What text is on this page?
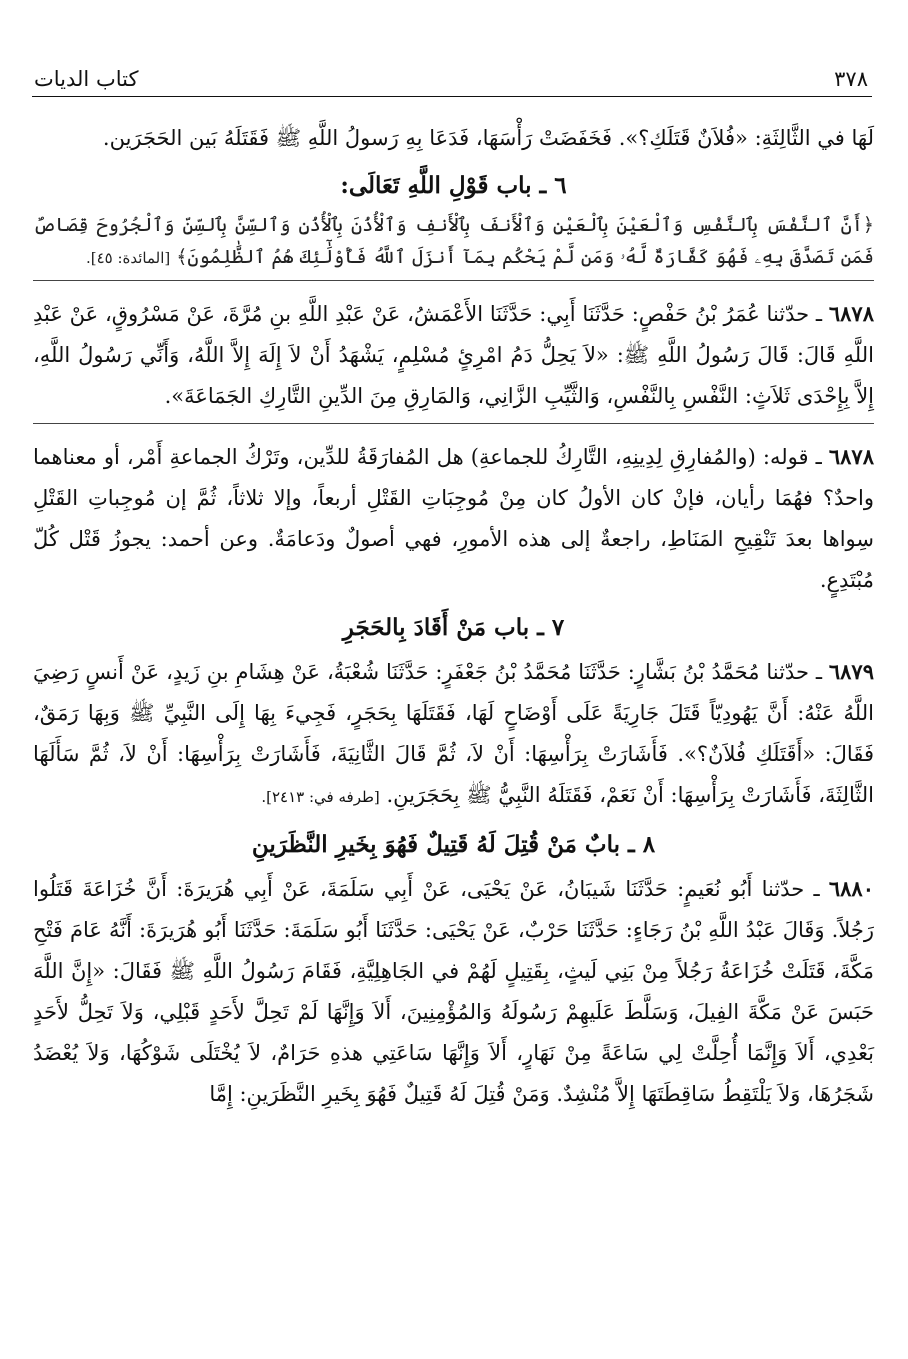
٣٧٨
كتاب الديات

لَهَا في الثَّالِثَةِ: «فُلاَنٌ قَتَلَكِ؟». فَخَفَضَتْ رَأْسَهَا، فَدَعَا بِهِ رَسولُ اللَّهِ ﷺ فَقَتَلَهُ بَين الحَجَرَين.

٦ ـ باب قَوْلِ اللَّهِ تَعَالَى:

﴿أَنَّ ٱلنَّفْسَ بِٱلنَّفْسِ وَٱلْعَيْنَ بِٱلْعَيْنِ وَٱلْأَنفَ بِٱلْأَنفِ وَٱلْأُذُنَ بِٱلْأُذُنِ وَٱلسِّنَّ بِٱلسِّنِّ وَٱلْجُرُوحَ قِصَاصٌ فَمَن تَصَدَّقَ بِهِۦ فَهُوَ كَفَّارَةٌ لَّهُۥ وَمَن لَّمْ يَحْكُم بِمَآ أَنزَلَ ٱللَّهُ فَأُوْلَٰٓئِكَ هُمُ ٱلظَّٰلِمُونَ﴾ [المائدة: ٤٥].

٦٨٧٨ ـ حدّثنا عُمَرُ بْنُ حَفْصٍ: حَدَّثَنَا أَبِي: حَدَّثَنَا الأَعْمَشُ، عَنْ عَبْدِ اللَّهِ بنِ مُرَّةَ، عَنْ مَسْرُوقٍ، عَنْ عَبْدِ اللَّهِ قَالَ: قَالَ رَسُولُ اللَّهِ ﷺ: «لاَ يَحِلُّ دَمُ امْرِئٍ مُسْلِمٍ، يَشْهَدُ أَنْ لاَ إِلَهَ إِلاَّ اللَّهُ، وَأَنِّي رَسُولُ اللَّهِ، إِلاَّ بِإِحْدَى ثَلاَثٍ: النَّفْسِ بِالنَّفْسِ، وَالثَّيِّبِ الزَّانِي، وَالمَارِقِ مِنَ الدِّينِ التَّارِكِ الجَمَاعَةَ».

٦٨٧٨ ـ قوله: (والمُفارِقِ لِدِينِهِ، التَّارِكُ للجماعةِ) هل المُفارَقَةُ للدِّين، وتَرْكُ الجماعةِ أَمْر، أو معناهما واحدٌ؟ فهُمَا رأيان، فإنْ كان الأولُ كان مِنْ مُوجِبَاتِ القَتْلِ أربعاً، وإلا ثلاثاً، ثُمَّ إن مُوجِباتِ القَتْلِ سِواها بعدَ تَنْقِيحِ المَنَاطِ، راجعةٌ إلى هذه الأمورِ، فهي أصولٌ ودَعامَةٌ. وعن أحمد: يجوزُ قَتْل كُلّ مُبْتَدِعٍ.

٧ ـ باب مَنْ أَقَادَ بِالحَجَرِ

٦٨٧٩ ـ حدّثنا مُحَمَّدُ بْنُ بَشَّارٍ: حَدَّثَنَا مُحَمَّدُ بْنُ جَعْفَرٍ: حَدَّثَنَا شُعْبَةُ، عَنْ هِشَامِ بنِ زَيدٍ، عَنْ أَنسٍ رَضِيَ اللَّهُ عَنْهُ: أَنَّ يَهُودِيّاً قَتَلَ جَارِيَةً عَلَى أَوْضَاحٍ لَهَا، فَقَتَلَهَا بِحَجَرٍ، فَجِيءَ بِهَا إِلَى النَّبِيِّ ﷺ وَبِهَا رَمَقٌ، فَقَالَ: «أَقَتَلَكِ فُلاَنٌ؟». فَأَشَارَتْ بِرَأْسِهَا: أَنْ لاَ، ثُمَّ قَالَ الثَّانِيَةَ، فَأَشَارَتْ بِرَأْسِهَا: أَنْ لاَ، ثُمَّ سَأَلَهَا الثَّالِثَةَ، فَأَشَارَتْ بِرَأْسِهَا: أَنْ نَعَمْ، فَقَتَلَهُ النَّبِيُّ ﷺ بِحَجَرَينِ. [طرفه في: ٢٤١٣].

٨ ـ بابٌ مَنْ قُتِلَ لَهُ قَتِيلٌ فَهُوَ بِخَيرِ النَّظَرَينِ

٦٨٨٠ ـ حدّثنا أَبُو نُعَيمٍ: حَدَّثَنَا شَيبَانُ، عَنْ يَحْيَى، عَنْ أَبِي سَلَمَةَ، عَنْ أَبِي هُرَيرَةَ: أَنَّ خُزَاعَةَ قَتَلُوا رَجُلاً. وَقَالَ عَبْدُ اللَّهِ بْنُ رَجَاءٍ: حَدَّثَنَا حَرْبٌ، عَنْ يَحْيَى: حَدَّثَنَا أَبُو سَلَمَةَ: حَدَّثَنَا أَبُو هُرَيرَةَ: أَنَّهُ عَامَ فَتْحِ مَكَّةَ، قَتَلَتْ خُزَاعَةُ رَجُلاً مِنْ بَنِي لَيثٍ، بِقَتِيلٍ لَهُمْ في الجَاهِلِيَّةِ، فَقَامَ رَسُولُ اللَّهِ ﷺ فَقَالَ: «إِنَّ اللَّهَ حَبَسَ عَنْ مَكَّةَ الفِيلَ، وَسَلَّطَ عَلَيهِمْ رَسُولَهُ وَالمُؤْمِنِينَ، أَلاَ وَإِنَّهَا لَمْ تَحِلَّ لأَحَدٍ قَبْلِي، وَلاَ تَحِلُّ لأَحَدٍ بَعْدِي، أَلاَ وَإِنَّمَا أُحِلَّتْ لِي سَاعَةً مِنْ نَهَارٍ، أَلاَ وَإِنَّهَا سَاعَتِي هذهِ حَرَامٌ، لاَ يُخْتَلَى شَوْكُهَا، وَلاَ يُعْضَدُ شَجَرُهَا، وَلاَ يَلْتَقِطُ سَاقِطَتَهَا إِلاَّ مُنْشِدٌ. وَمَنْ قُتِلَ لَهُ قَتِيلٌ فَهُوَ بِخَيرِ النَّظَرَينِ: إِمَّا
